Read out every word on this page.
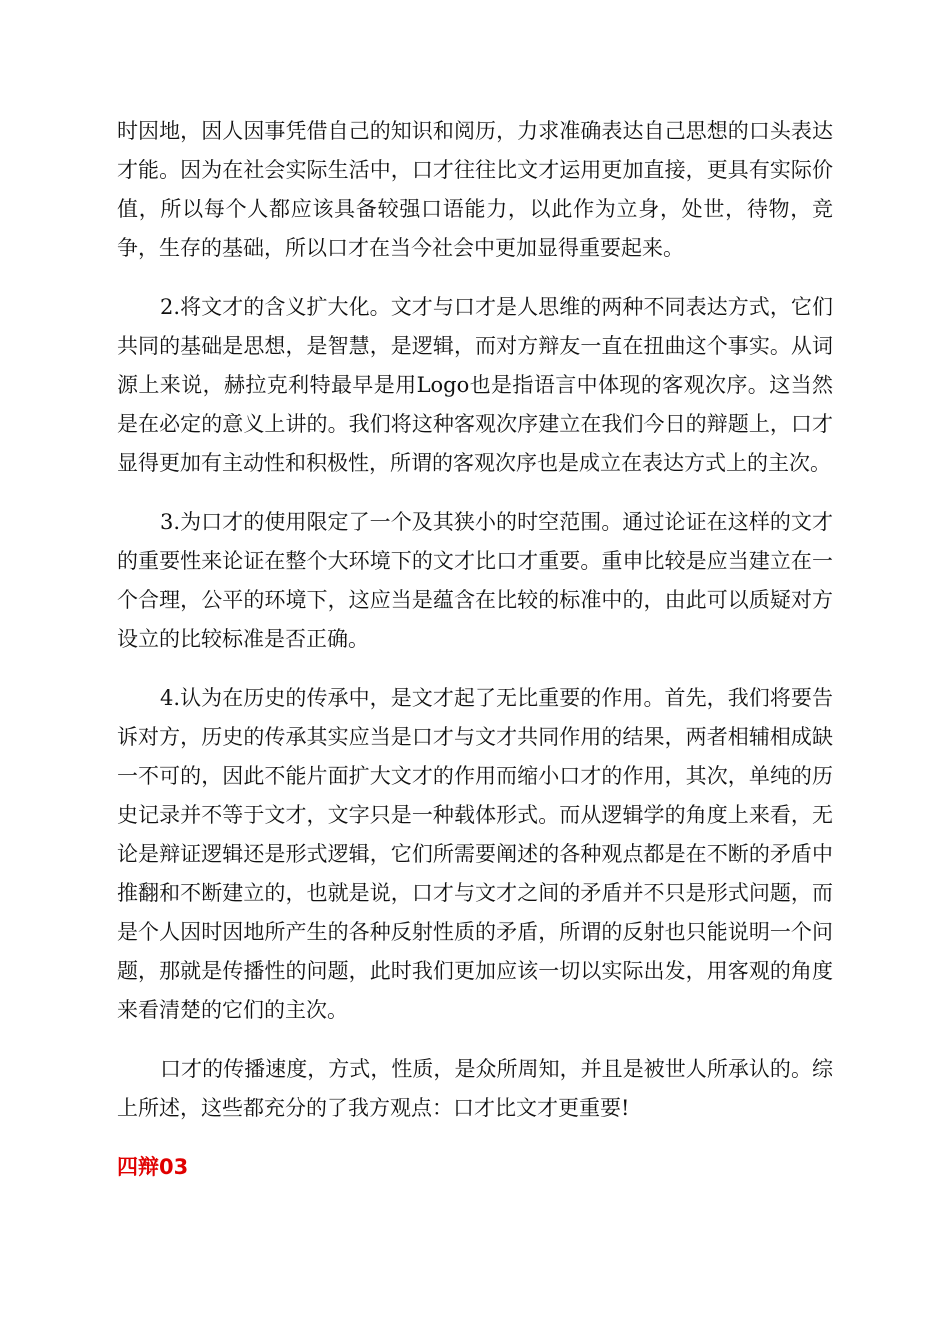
时因地，因人因事凭借自己的知识和阅历，力求准确表达自己思想的口头表达才能。因为在社会实际生活中，口才往往比文才运用更加直接，更具有实际价值，所以每个人都应该具备较强口语能力，以此作为立身，处世，待物，竞争，生存的基础，所以口才在当今社会中更加显得重要起来。

2.将文才的含义扩大化。文才与口才是人思维的两种不同表达方式，它们共同的基础是思想，是智慧，是逻辑，而对方辩友一直在扭曲这个事实。从词源上来说，赫拉克利特最早是用Logo也是指语言中体现的客观次序。这当然是在必定的意义上讲的。我们将这种客观次序建立在我们今日的辩题上，口才显得更加有主动性和积极性，所谓的客观次序也是成立在表达方式上的主次。

3.为口才的使用限定了一个及其狭小的时空范围。通过论证在这样的文才的重要性来论证在整个大环境下的文才比口才重要。重申比较是应当建立在一个合理，公平的环境下，这应当是蕴含在比较的标准中的，由此可以质疑对方设立的比较标准是否正确。

4.认为在历史的传承中，是文才起了无比重要的作用。首先，我们将要告诉对方，历史的传承其实应当是口才与文才共同作用的结果，两者相辅相成缺一不可的，因此不能片面扩大文才的作用而缩小口才的作用，其次，单纯的历史记录并不等于文才，文字只是一种载体形式。而从逻辑学的角度上来看，无论是辩证逻辑还是形式逻辑，它们所需要阐述的各种观点都是在不断的矛盾中推翻和不断建立的，也就是说，口才与文才之间的矛盾并不只是形式问题，而是个人因时因地所产生的各种反射性质的矛盾，所谓的反射也只能说明一个问题，那就是传播性的问题，此时我们更加应该一切以实际出发，用客观的角度来看清楚的它们的主次。

口才的传播速度，方式，性质，是众所周知，并且是被世人所承认的。综上所述，这些都充分的了我方观点：口才比文才更重要!

四辩03
